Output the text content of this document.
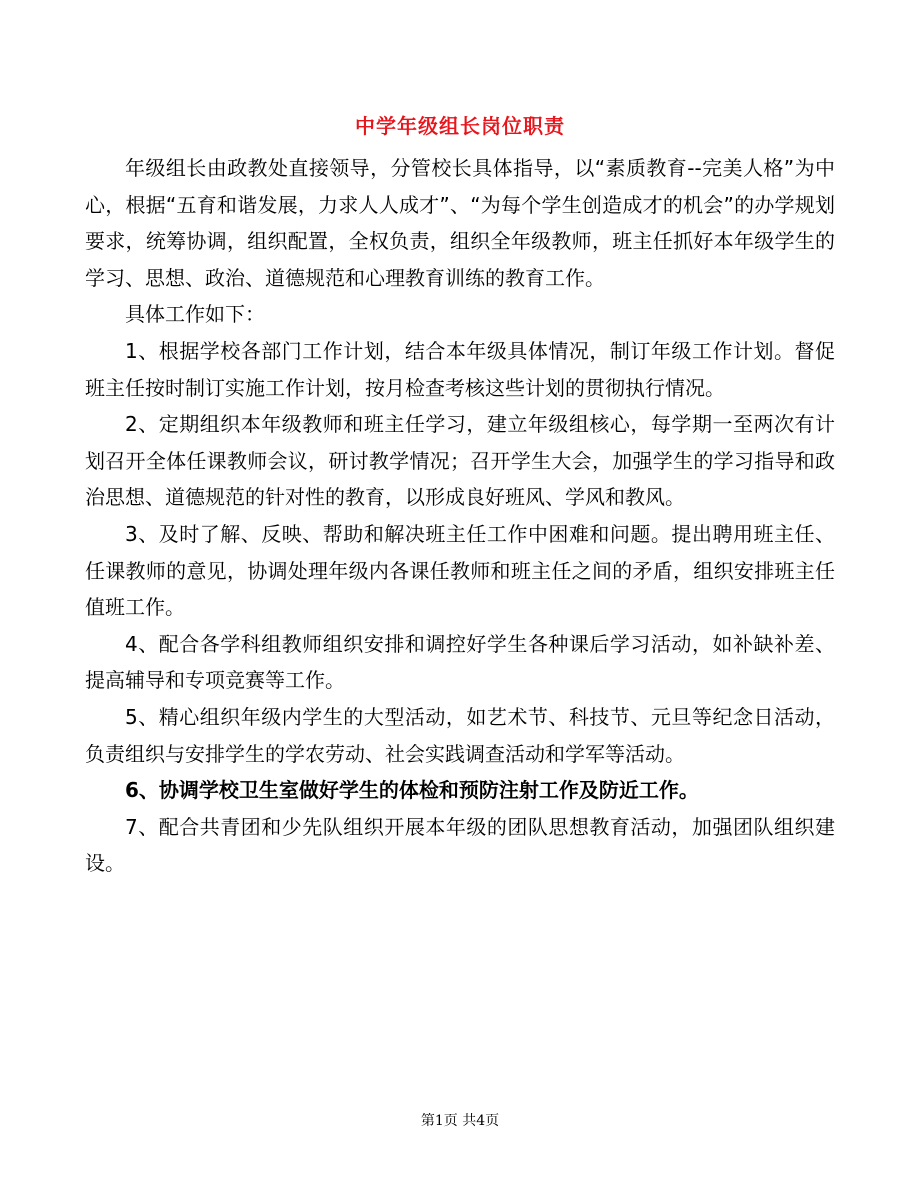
中学年级组长岗位职责

年级组长由政教处直接领导，分管校长具体指导，以“素质教育--完美人格”为中心，根据“五育和谐发展，力求人人成才”、“为每个学生创造成才的机会”的办学规划要求，统筹协调，组织配置，全权负责，组织全年级教师，班主任抓好本年级学生的学习、思想、政治、道德规范和心理教育训练的教育工作。

具体工作如下：

1、根据学校各部门工作计划，结合本年级具体情况，制订年级工作计划。督促班主任按时制订实施工作计划，按月检查考核这些计划的贯彻执行情况。

2、定期组织本年级教师和班主任学习，建立年级组核心，每学期一至两次有计划召开全体任课教师会议，研讨教学情况；召开学生大会，加强学生的学习指导和政治思想、道德规范的针对性的教育，以形成良好班风、学风和教风。

3、及时了解、反映、帮助和解决班主任工作中困难和问题。提出聘用班主任、任课教师的意见，协调处理年级内各课任教师和班主任之间的矛盾，组织安排班主任值班工作。

4、配合各学科组教师组织安排和调控好学生各种课后学习活动，如补缺补差、提高辅导和专项竞赛等工作。

5、精心组织年级内学生的大型活动，如艺术节、科技节、元旦等纪念日活动，负责组织与安排学生的学农劳动、社会实践调查活动和学军等活动。

6、协调学校卫生室做好学生的体检和预防注射工作及防近工作。

7、配合共青团和少先队组织开展本年级的团队思想教育活动，加强团队组织建设。

第1页 共4页
